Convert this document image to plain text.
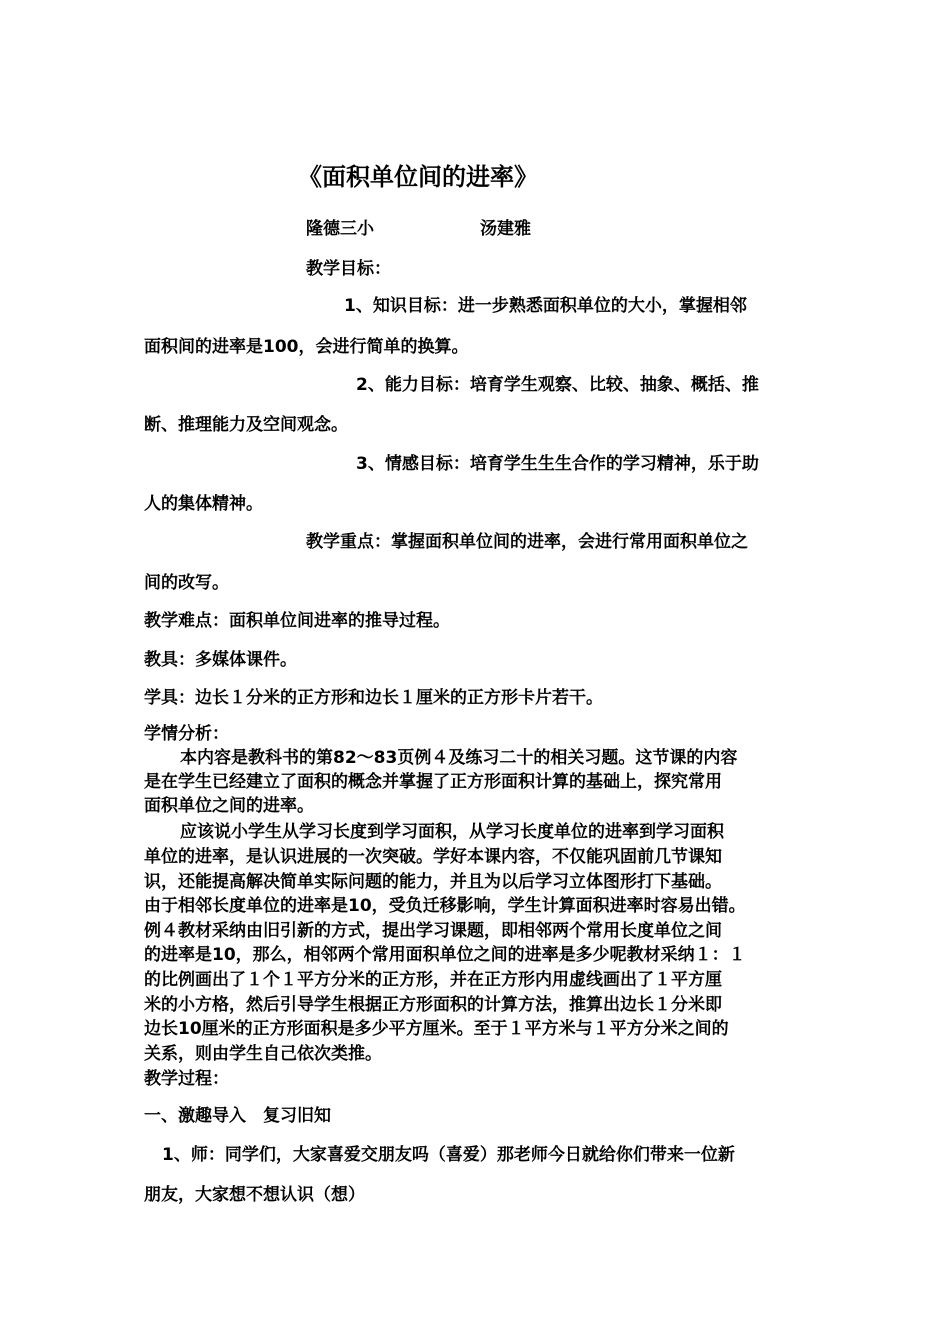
《面积单位间的进率》
隆德三小	汤建雅
教学目标：
1、知识目标：进一步熟悉面积单位的大小，掌握相邻
面积间的进率是100，会进行简单的换算。
2、能力目标：培育学生观察、比较、抽象、概括、推
断、推理能力及空间观念。
3、情感目标：培育学生生生合作的学习精神，乐于助
人的集体精神。
教学重点：掌握面积单位间的进率，会进行常用面积单位之
间的改写。
教学难点：面积单位间进率的推导过程。
教具：多媒体课件。
学具：边长１分米的正方形和边长１厘米的正方形卡片若干。
学情分析：
本内容是教科书的第82～83页例４及练习二十的相关习题。这节课的内容
是在学生已经建立了面积的概念并掌握了正方形面积计算的基础上，探究常用
面积单位之间的进率。
应该说小学生从学习长度到学习面积，从学习长度单位的进率到学习面积
单位的进率，是认识进展的一次突破。学好本课内容，不仅能巩固前几节课知
识，还能提高解决简单实际问题的能力，并且为以后学习立体图形打下基础。
由于相邻长度单位的进率是10，受负迁移影响，学生计算面积进率时容易出错。
例４教材采纳由旧引新的方式，提出学习课题，即相邻两个常用长度单位之间
的进率是10，那么，相邻两个常用面积单位之间的进率是多少呢教材采纳１：１
的比例画出了１个１平方分米的正方形，并在正方形内用虚线画出了１平方厘
米的小方格，然后引导学生根据正方形面积的计算方法，推算出边长１分米即
边长10厘米的正方形面积是多少平方厘米。至于１平方米与１平方分米之间的
关系，则由学生自己依次类推。
教学过程：
一、激趣导入　复习旧知
1、师：同学们，大家喜爱交朋友吗（喜爱）那老师今日就给你们带来一位新
朋友，大家想不想认识（想）
